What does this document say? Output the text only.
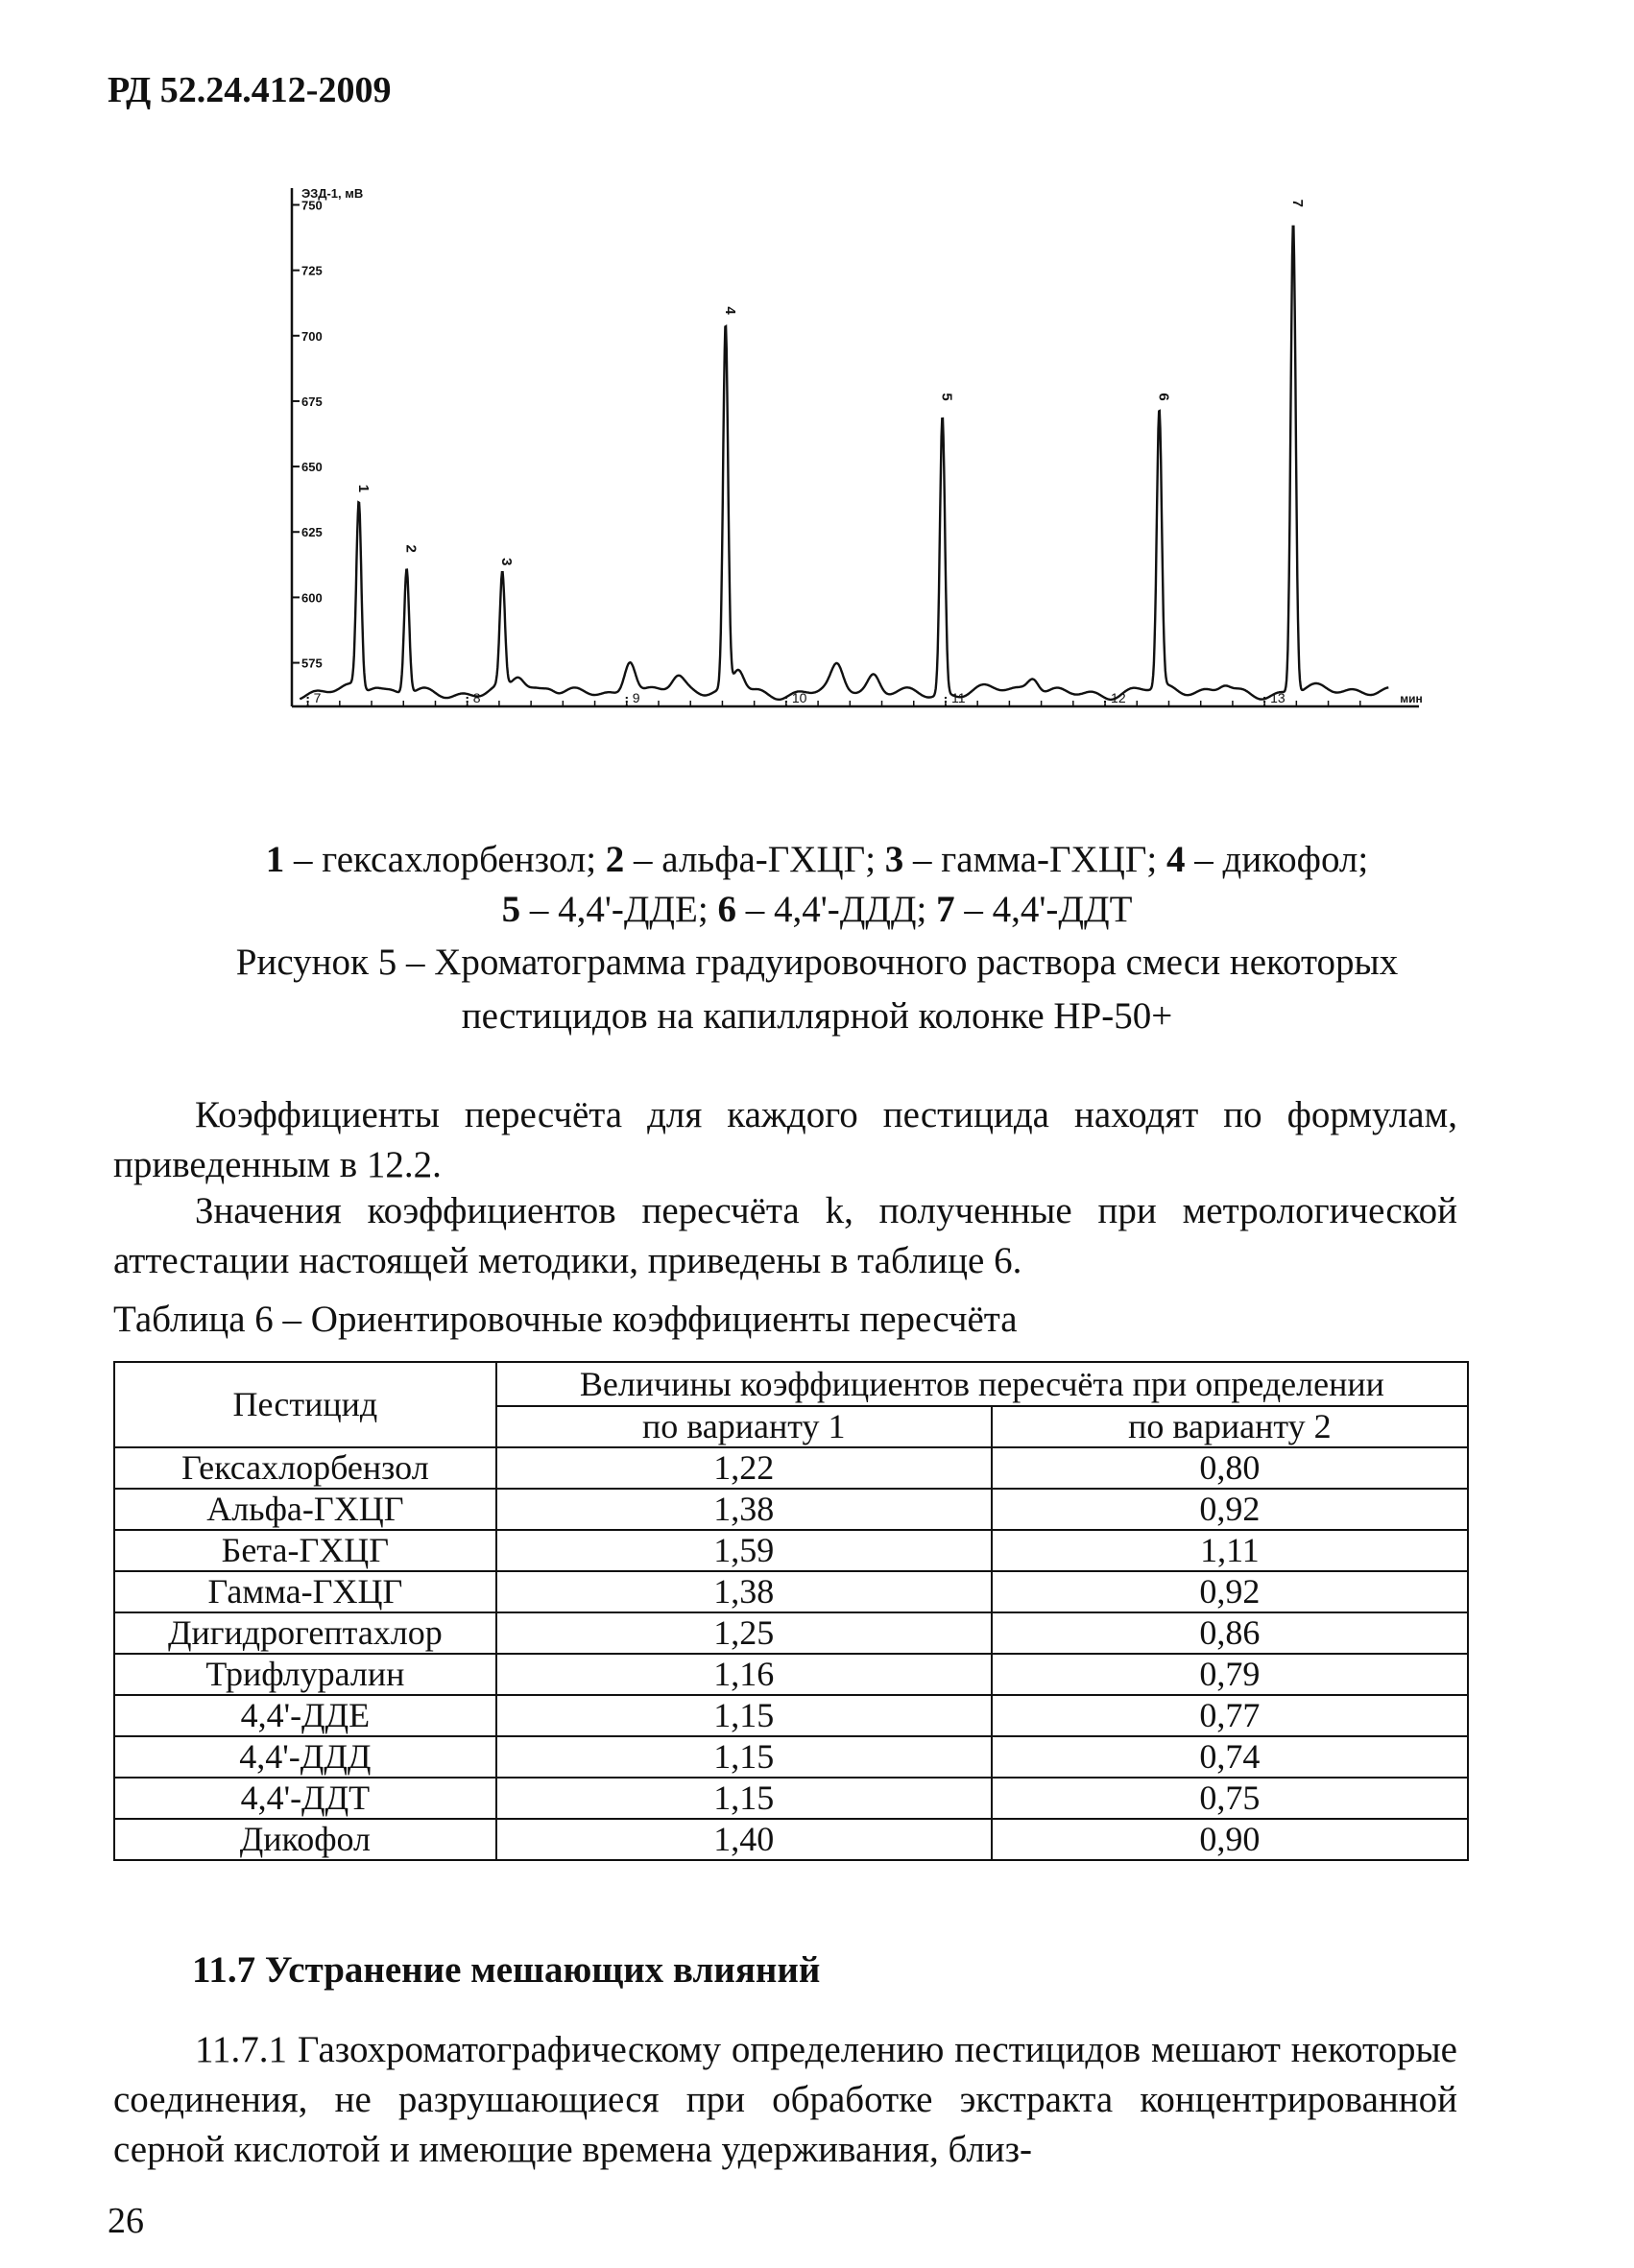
РД 52.24.412-2009
750
725
700
675
650
625
600
575
ЭЗД-1, мВ
7	8	9	10	11	12	13	мин
1
2
3
4
5	6
7
1 – гексахлорбензол; 2 – альфа-ГХЦГ; 3 – гамма-ГХЦГ; 4 – дикофол;
5 – 4,4'-ДДЕ; 6 – 4,4'-ДДД; 7 – 4,4'-ДДТ
Рисунок 5 – Хроматограмма градуировочного раствора смеси некоторых
пестицидов на капиллярной колонке НР-50+
Коэффициенты пересчёта для каждого пестицида находят по формулам, приведенным в 12.2.
Значения коэффициентов пересчёта k, полученные при метрологической аттестации настоящей методики, приведены в таблице 6.
Таблица 6 – Ориентировочные коэффициенты пересчёта
Пестицид	Величины коэффициентов пересчёта при определении	
	по варианту 1	по варианту 2
Гексахлорбензол	1,22	0,80
Альфа-ГХЦГ	1,38	0,92
Бета-ГХЦГ	1,59	1,11
Гамма-ГХЦГ	1,38	0,92
Дигидрогептахлор	1,25	0,86
Трифлуралин	1,16	0,79
4,4'-ДДЕ	1,15	0,77
4,4'-ДДД	1,15	0,74
4,4'-ДДТ	1,15	0,75
Дикофол	1,40	0,90
11.7 Устранение мешающих влияний
11.7.1 Газохроматографическому определению пестицидов мешают некоторые соединения, не разрушающиеся при обработке экстракта концентрированной серной кислотой и имеющие времена удерживания, близ-
26
